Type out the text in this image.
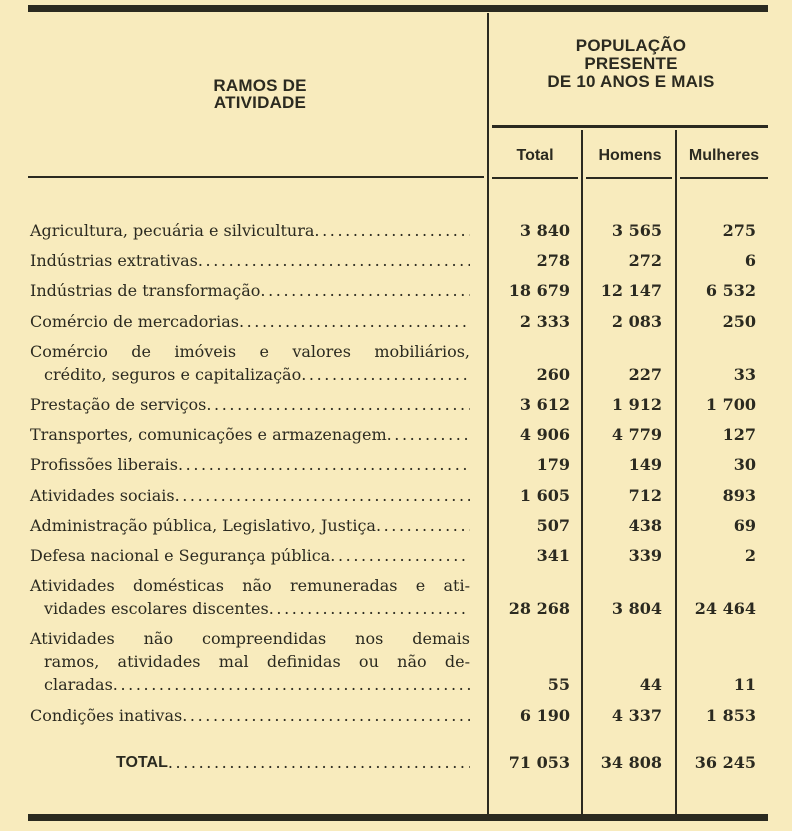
RAMOS DE
ATIVIDADE
POPULAÇÃO
PRESENTE
DE 10 ANOS E MAIS
Total	Homens	Mulheres
Agricultura, pecuária e silvicultura .....	3 840	3 565	275
Indústrias extrativas .....	278	272	6
Indústrias de transformação .....	18 679	12 147	6 532
Comércio de mercadorias .....	2 333	2 083	250
Comércio de imóveis e valores mobiliários,
crédito, seguros e capitalização .....	260	227	33
Prestação de serviços .....	3 612	1 912	1 700
Transportes, comunicações e armazenagem .....	4 906	4 779	127
Profissões liberais .....	179	149	30
Atividades sociais .....	1 605	712	893
Administração pública, Legislativo, Justiça .....	507	438	69
Defesa nacional e Segurança pública .....	341	339	2
Atividades domésticas não remuneradas e ati-
vidades escolares discentes .....	28 268	3 804	24 464
Atividades não compreendidas nos demais
ramos, atividades mal definidas ou não de-
claradas .....	55	44	11
Condições inativas .....	6 190	4 337	1 853
TOTAL .....	71 053	34 808	36 245
